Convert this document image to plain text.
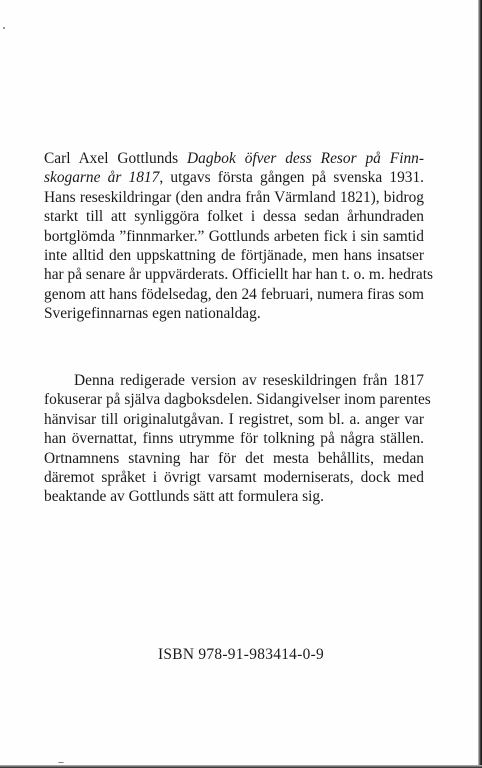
Carl Axel Gottlunds Dagbok öfver dess Resor på Finn-
skogarne år 1817, utgavs första gången på svenska 1931.
Hans reseskildringar (den andra från Värmland 1821), bidrog
starkt till att synliggöra folket i dessa sedan århundraden
bortglömda ”finnmarker.” Gottlunds arbeten fick i sin samtid
inte alltid den uppskattning de förtjänade, men hans insatser
har på senare år uppvärderats. Officiellt har han t. o. m. hedrats
genom att hans födelsedag, den 24 februari, numera firas som
Sverigefinnarnas egen nationaldag.
Denna redigerade version av reseskildringen från 1817
fokuserar på själva dagboksdelen. Sidangivelser inom parentes
hänvisar till originalutgåvan. I registret, som bl. a. anger var
han övernattat, finns utrymme för tolkning på några ställen.
Ortnamnens stavning har för det mesta behållits, medan
däremot språket i övrigt varsamt moderniserats, dock med
beaktande av Gottlunds sätt att formulera sig.
ISBN 978-91-983414-0-9
